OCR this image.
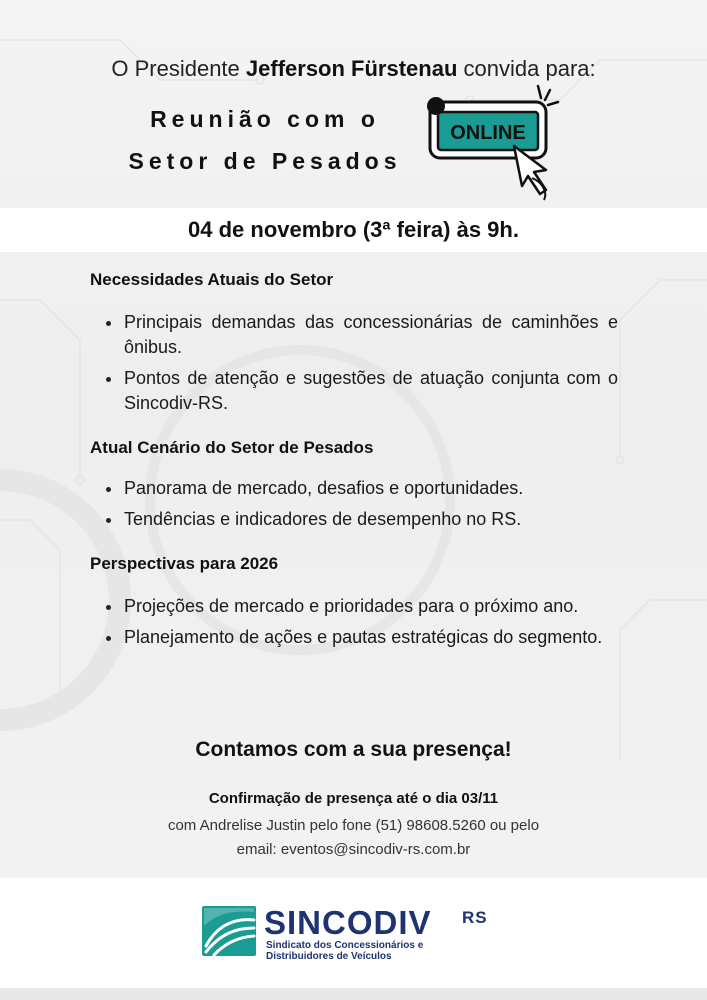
O Presidente Jefferson Fürstenau convida para:
Reunião com o
Setor de Pesados
ONLINE
04 de novembro (3ª feira) às 9h.
Necessidades Atuais do Setor
Principais demandas das concessionárias de caminhões e ônibus.
Pontos de atenção e sugestões de atuação conjunta com o Sincodiv-RS.
Atual Cenário do Setor de Pesados
Panorama de mercado, desafios e oportunidades.
Tendências e indicadores de desempenho no RS.
Perspectivas para 2026
Projeções de mercado e prioridades para o próximo ano.
Planejamento de ações e pautas estratégicas do segmento.
Contamos com a sua presença!
Confirmação de presença até o dia 03/11
com Andrelise Justin pelo fone (51) 98608.5260 ou pelo
email: eventos@sincodiv-rs.com.br
SINCODIV RS
Sindicato dos Concessionários e
Distribuidores de Veículos
